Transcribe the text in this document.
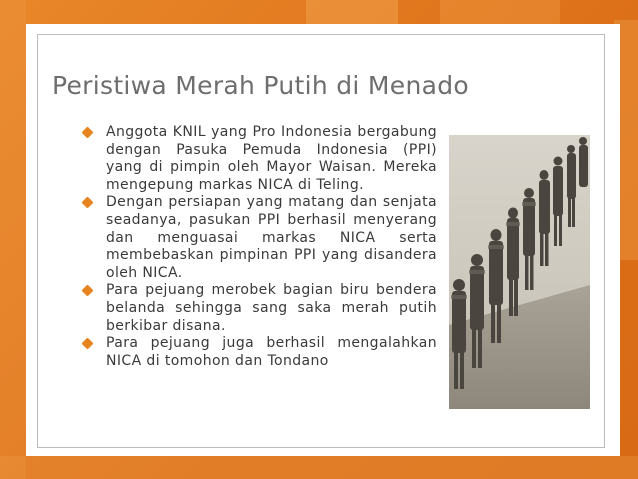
Peristiwa Merah Putih di Menado
Anggota KNIL yang Pro Indonesia bergabung dengan Pasuka Pemuda Indonesia (PPI) yang di pimpin oleh Mayor Waisan. Mereka mengepung markas NICA di Teling.
Dengan persiapan yang matang dan senjata seadanya, pasukan PPI berhasil menyerang dan menguasai markas NICA serta membebaskan pimpinan PPI yang disandera oleh NICA.
Para pejuang merobek bagian biru bendera belanda sehingga sang saka merah putih berkibar disana.
Para pejuang juga berhasil mengalahkan NICA di tomohon dan Tondano
